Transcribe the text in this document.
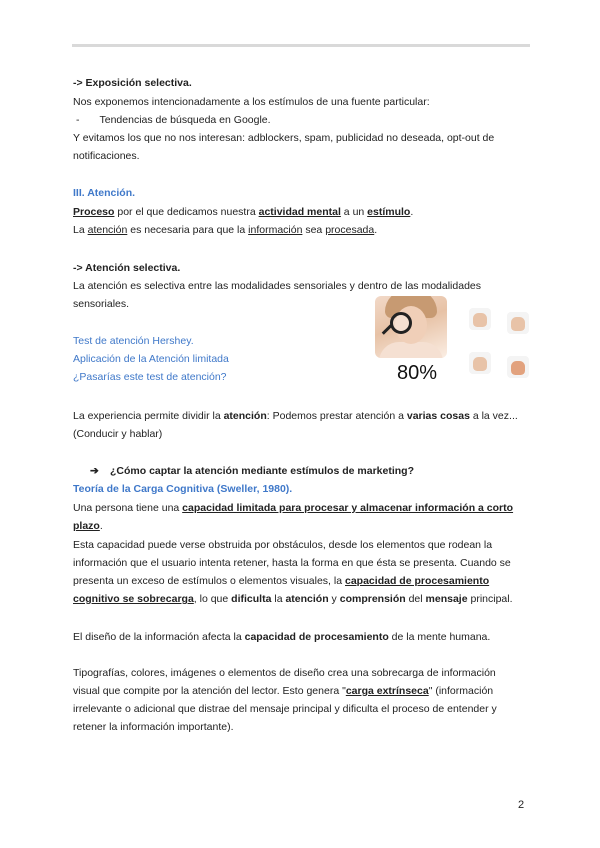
-> Exposición selectiva.
Nos exponemos intencionadamente a los estímulos de una fuente particular:
- Tendencias de búsqueda en Google.
Y evitamos los que no nos interesan: adblockers, spam, publicidad no deseada, opt-out de
notificaciones.
III. Atención.
Proceso por el que dedicamos nuestra actividad mental a un estímulo.
La atención es necesaria para que la información sea procesada.
-> Atención selectiva.
La atención es selectiva entre las modalidades sensoriales y dentro de las modalidades
sensoriales.
Test de atención Hershey.
Aplicación de la Atención limitada
¿Pasarías este test de atención?	80%
La experiencia permite dividir la atención: Podemos prestar atención a varias cosas a la vez...
(Conducir y hablar)
➔ ¿Cómo captar la atención mediante estímulos de marketing?
Teoría de la Carga Cognitiva (Sweller, 1980).
Una persona tiene una capacidad limitada para procesar y almacenar información a corto
plazo.
Esta capacidad puede verse obstruida por obstáculos, desde los elementos que rodean la
información que el usuario intenta retener, hasta la forma en que ésta se presenta. Cuando se
presenta un exceso de estímulos o elementos visuales, la capacidad de procesamiento
cognitivo se sobrecarga, lo que dificulta la atención y comprensión del mensaje principal.
El diseño de la información afecta la capacidad de procesamiento de la mente humana.
Tipografías, colores, imágenes o elementos de diseño crea una sobrecarga de información
visual que compite por la atención del lector. Esto genera "carga extrínseca" (información
irrelevante o adicional que distrae del mensaje principal y dificulta el proceso de entender y
retener la información importante).
2
